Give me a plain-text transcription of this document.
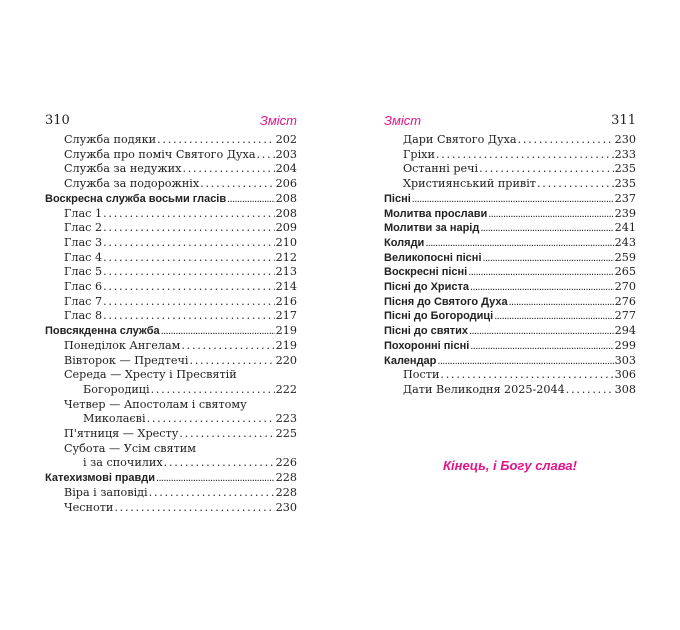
310	Зміст
Служба подяки . . .	202
Служба про поміч Святого Духа . . . 203
Служба за недужих . . .	204
Служба за подорожніх . . .	206
Воскресна служба восьми гласів .....	208
Глас 1 . . .	208
Глас 2 . . .	209
Глас 3 . . .	210
Глас 4 . . .	212
Глас 5 . . .	213
Глас 6 . . .	214
Глас 7 . . .	216
Глас 8 . . .	217
Повсякденна служба .....	219
Понеділок Ангелам . . .	219
Вівторок — Предтечі . . .	220
Середа — Хресту і Пресвятій
Богородиці . . .	222
Четвер — Апостолам і святому
Миколаєві . . .	223
П'ятниця — Хресту . . .	225
Субота — Усім святим
і за спочилих . . .	226
Катехизмові правди .....	228
Віра і заповіді . . .	228
Чесноти . . .	230
Зміст	311
Дари Святого Духа . . .	230
Гріхи . . .	233
Останні речі . . .	235
Християнський привіт . . .	235
Пісні .....	237
Молитва прослави .....	239
Молитви за нарід .....	241
Коляди .....	243
Великопосні пісні .....	259
Воскресні пісні .....	265
Пісні до Христа .....	270
Пісня до Святого Духа .....	276
Пісні до Богородиці .....	277
Пісні до святих .....	294
Похоронні пісні .....	299
Календар .....	303
Пости . . .	306
Дати Великодня 2025-2044 . . .	308
Кінець, і Богу слава!
